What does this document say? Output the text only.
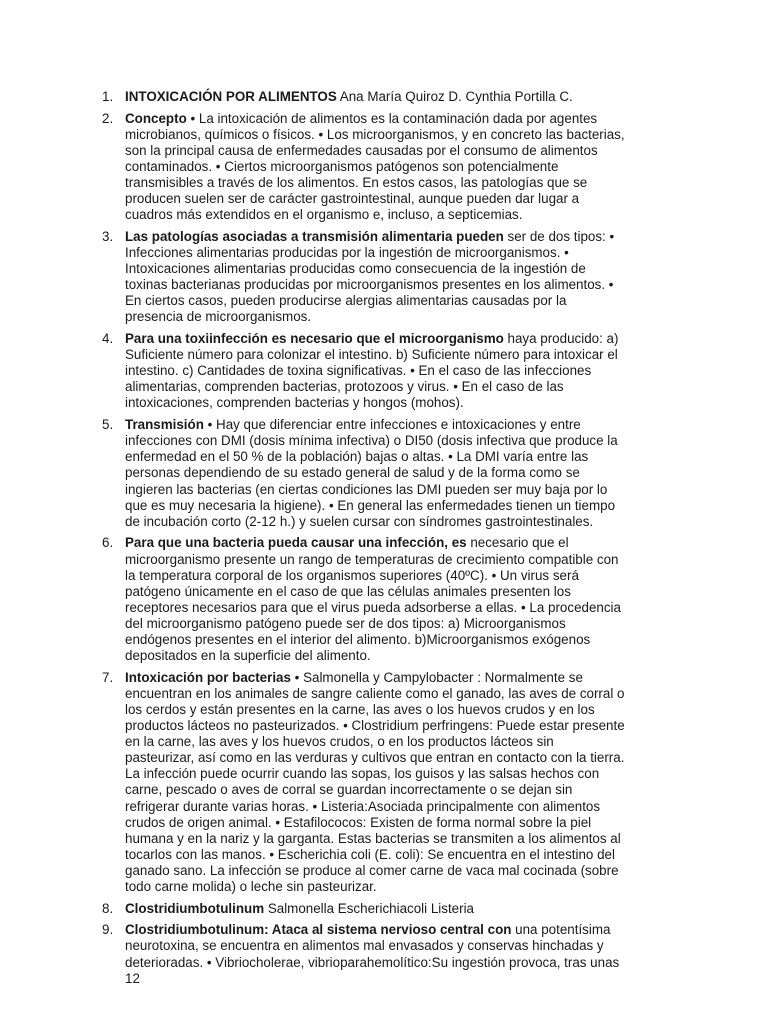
1. INTOXICACIÓN POR ALIMENTOS Ana María Quiroz D. Cynthia Portilla C.
2. Concepto • La intoxicación de alimentos es la contaminación dada por agentes microbianos, químicos o físicos. • Los microorganismos, y en concreto las bacterias, son la principal causa de enfermedades causadas por el consumo de alimentos contaminados. • Ciertos microorganismos patógenos son potencialmente transmisibles a través de los alimentos. En estos casos, las patologías que se producen suelen ser de carácter gastrointestinal, aunque pueden dar lugar a cuadros más extendidos en el organismo e, incluso, a septicemias.
3. Las patologías asociadas a transmisión alimentaria pueden ser de dos tipos: • Infecciones alimentarias producidas por la ingestión de microorganismos. • Intoxicaciones alimentarias producidas como consecuencia de la ingestión de toxinas bacterianas producidas por microorganismos presentes en los alimentos. • En ciertos casos, pueden producirse alergias alimentarias causadas por la presencia de microorganismos.
4. Para una toxiinfección es necesario que el microorganismo haya producido: a) Suficiente número para colonizar el intestino. b) Suficiente número para intoxicar el intestino. c) Cantidades de toxina significativas. • En el caso de las infecciones alimentarias, comprenden bacterias, protozoos y virus. • En el caso de las intoxicaciones, comprenden bacterias y hongos (mohos).
5. Transmisión • Hay que diferenciar entre infecciones e intoxicaciones y entre infecciones con DMI (dosis mínima infectiva) o DI50 (dosis infectiva que produce la enfermedad en el 50 % de la población) bajas o altas. • La DMI varía entre las personas dependiendo de su estado general de salud y de la forma como se ingieren las bacterias (en ciertas condiciones las DMI pueden ser muy baja por lo que es muy necesaria la higiene). • En general las enfermedades tienen un tiempo de incubación corto (2-12 h.) y suelen cursar con síndromes gastrointestinales.
6. Para que una bacteria pueda causar una infección, es necesario que el microorganismo presente un rango de temperaturas de crecimiento compatible con la temperatura corporal de los organismos superiores (40ºC). • Un virus será patógeno únicamente en el caso de que las células animales presenten los receptores necesarios para que el virus pueda adsorberse a ellas. • La procedencia del microorganismo patógeno puede ser de dos tipos: a) Microorganismos endógenos presentes en el interior del alimento. b)Microorganismos exógenos depositados en la superficie del alimento.
7. Intoxicación por bacterias • Salmonella y Campylobacter : Normalmente se encuentran en los animales de sangre caliente como el ganado, las aves de corral o los cerdos y están presentes en la carne, las aves o los huevos crudos y en los productos lácteos no pasteurizados. • Clostridium perfringens: Puede estar presente en la carne, las aves y los huevos crudos, o en los productos lácteos sin pasteurizar, así como en las verduras y cultivos que entran en contacto con la tierra. La infección puede ocurrir cuando las sopas, los guisos y las salsas hechos con carne, pescado o aves de corral se guardan incorrectamente o se dejan sin refrigerar durante varias horas. • Listeria:Asociada principalmente con alimentos crudos de origen animal. • Estafilococos: Existen de forma normal sobre la piel humana y en la nariz y la garganta. Estas bacterias se transmiten a los alimentos al tocarlos con las manos. • Escherichia coli (E. coli): Se encuentra en el intestino del ganado sano. La infección se produce al comer carne de vaca mal cocinada (sobre todo carne molida) o leche sin pasteurizar.
8. Clostridiumbotulinum Salmonella Escherichiacoli Listeria
9. Clostridiumbotulinum: Ataca al sistema nervioso central con una potentísima neurotoxina, se encuentra en alimentos mal envasados y conservas hinchadas y deterioradas. • Vibriocholerae, vibrioparahemolítico:Su ingestión provoca, tras unas 12
